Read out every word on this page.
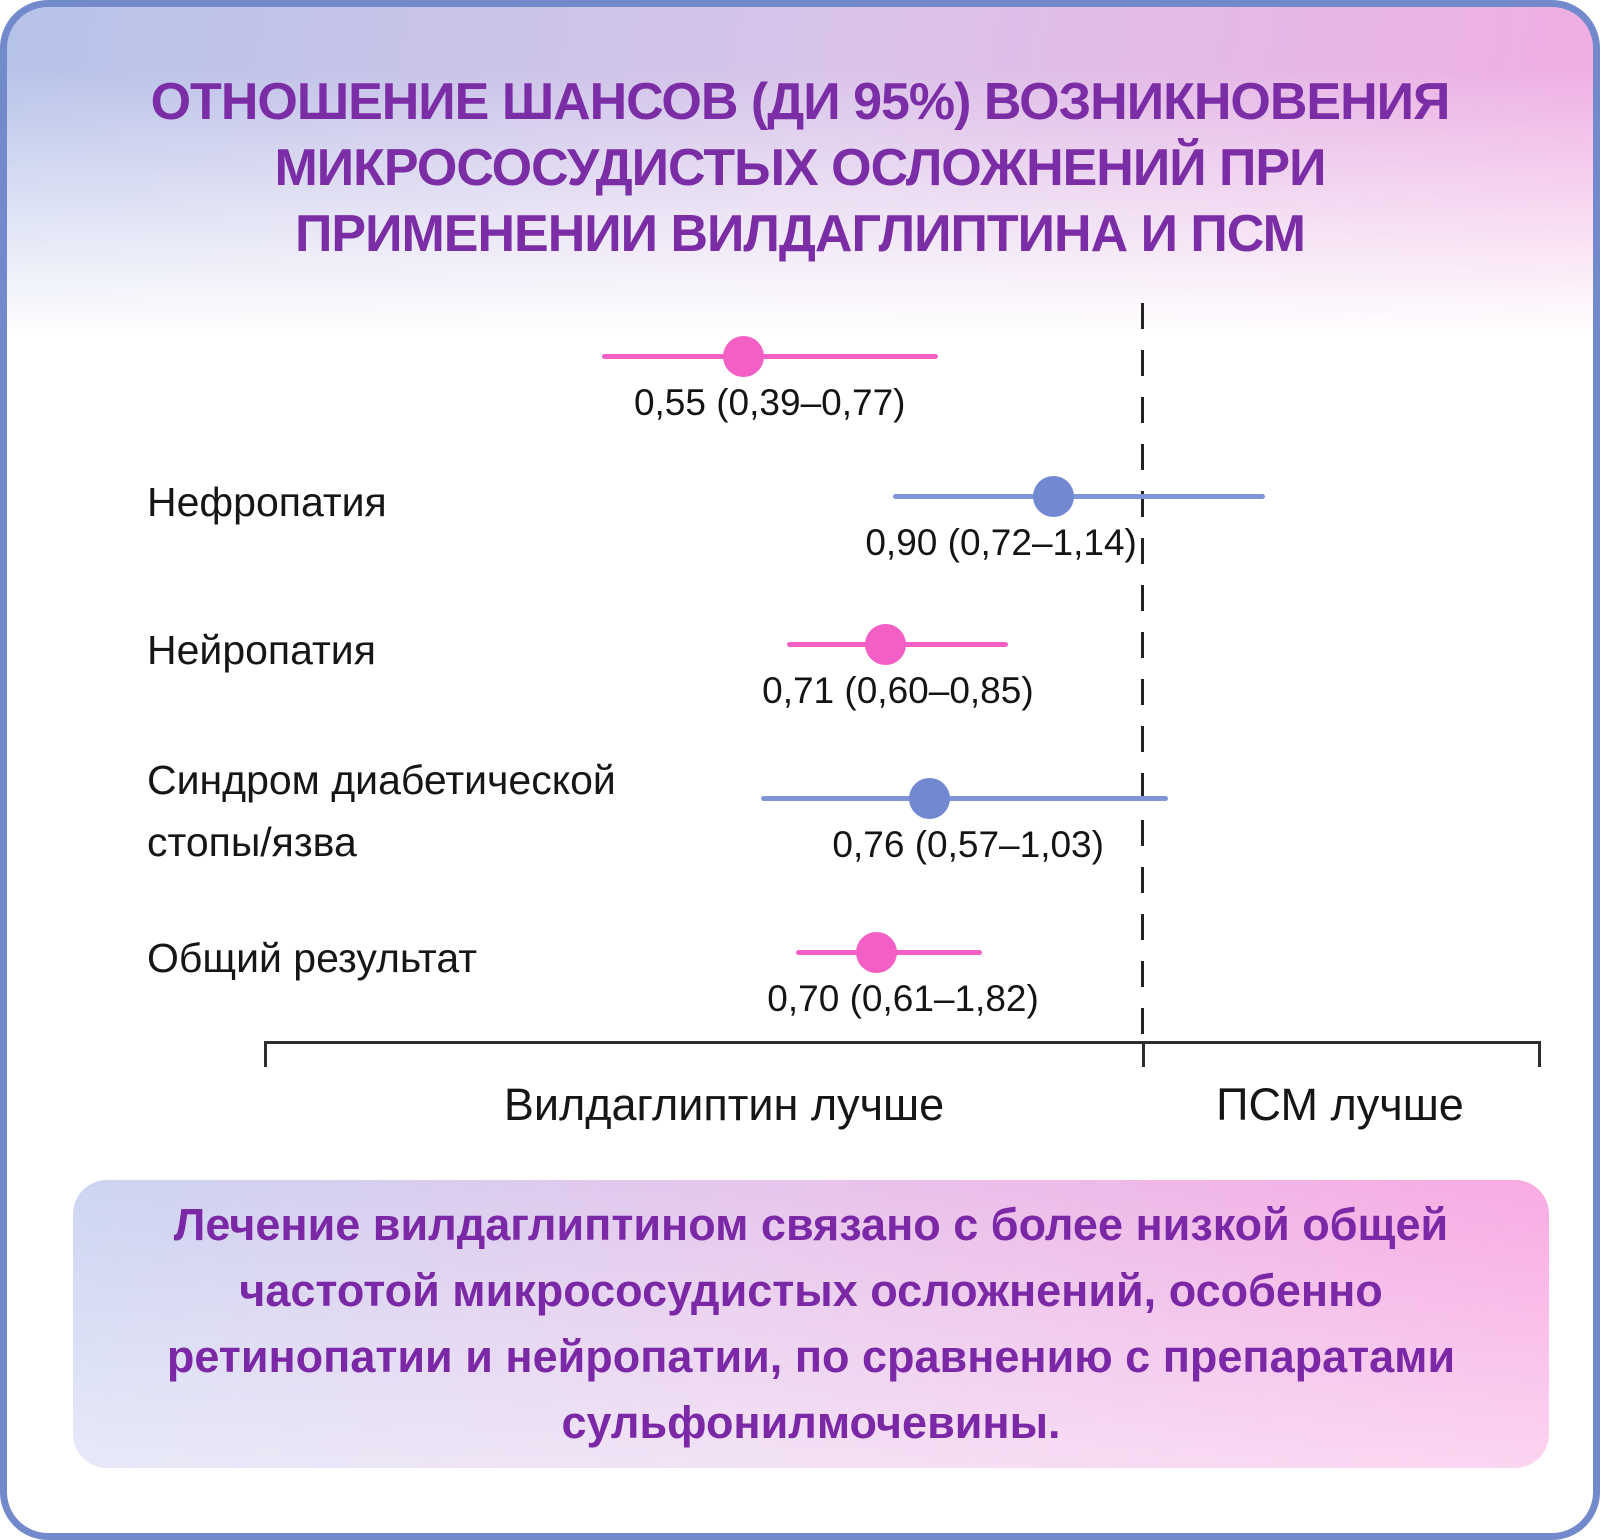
ОТНОШЕНИЕ ШАНСОВ (ДИ 95%) ВОЗНИКНОВЕНИЯ
МИКРОСОСУДИСТЫХ ОСЛОЖНЕНИЙ ПРИ
ПРИМЕНЕНИИ ВИЛДАГЛИПТИНА И ПСМ
Вилдаглиптин лучше	ПСМ лучше
0,55 (0,39–0,77)
0,90 (0,72–1,14)
Нефропатия
0,71 (0,60–0,85)
Нейропатия
0,76 (0,57–1,03)
Синдром диабетической стопы/язва
0,70 (0,61–1,82)
Общий результат
Лечение вилдаглиптином связано с более низкой общей
частотой микрососудистых осложнений, особенно
ретинопатии и нейропатии, по сравнению с препаратами
сульфонилмочевины.
